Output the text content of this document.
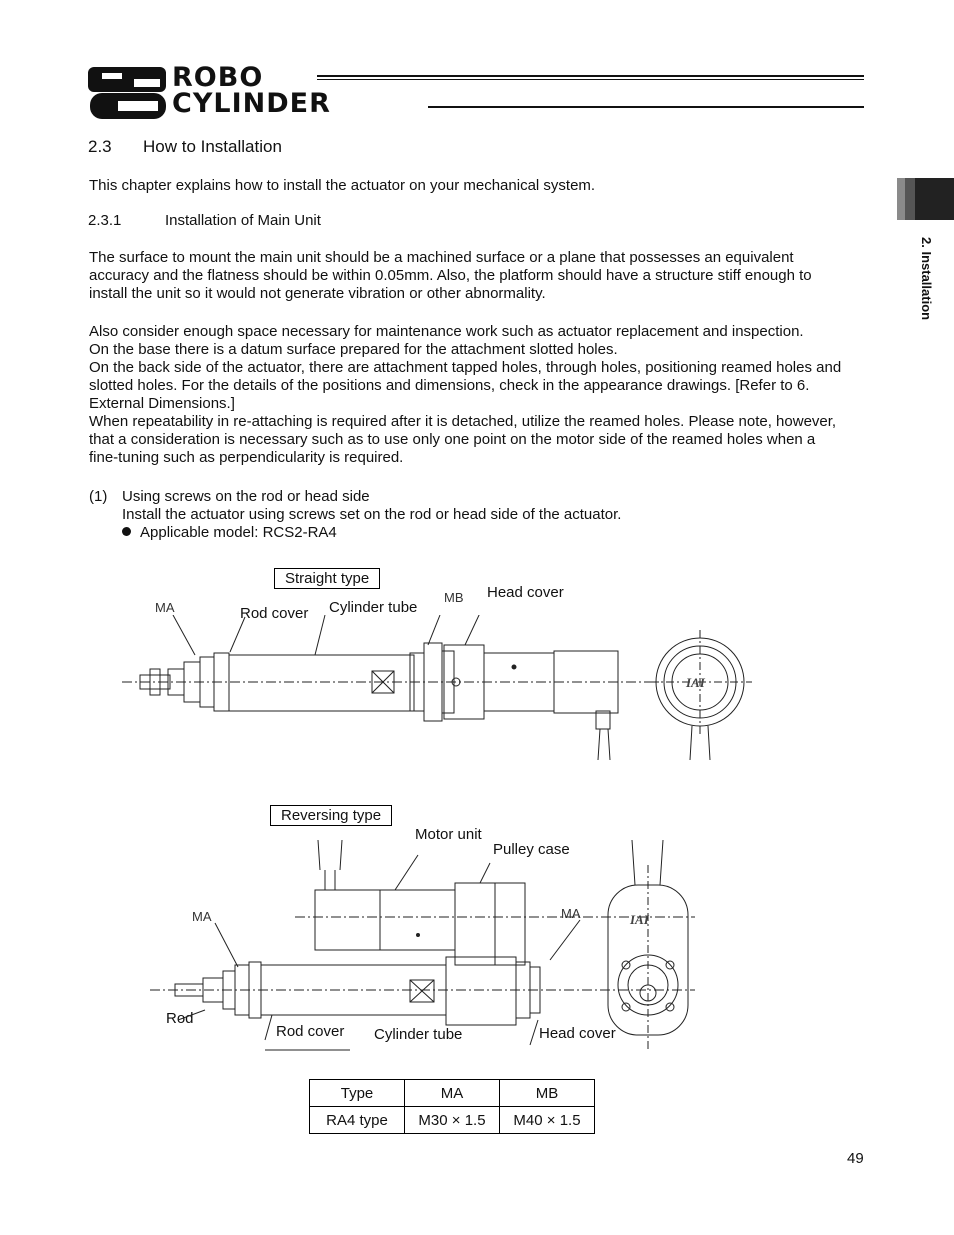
ROBO
CYLINDER
2. Installation
2.3 How to Installation
This chapter explains how to install the actuator on your mechanical system.
2.3.1	Installation of Main Unit
The surface to mount the main unit should be a machined surface or a plane that possesses an equivalent
accuracy and the flatness should be within 0.05mm. Also, the platform should have a structure stiff enough to
install the unit so it would not generate vibration or other abnormality.
Also consider enough space necessary for maintenance work such as actuator replacement and inspection.
On the base there is a datum surface prepared for the attachment slotted holes.
On the back side of the actuator, there are attachment tapped holes, through holes, positioning reamed holes and
slotted holes. For the details of the positions and dimensions, check in the appearance drawings. [Refer to 6.
External Dimensions.]
When repeatability in re-attaching is required after it is detached, utilize the reamed holes. Please note, however,
that a consideration is necessary such as to use only one point on the motor side of the reamed holes when a
fine-tuning such as perpendicularity is required.
(1) Using screws on the rod or head side
Install the actuator using screws set on the rod or head side of the actuator.
Applicable model: RCS2-RA4
Straight type
MA	Rod cover Cylinder tube
MB Head cover
IAI
Reversing type
Motor unit
Pulley case
MA	MA
Rod
Rod cover Cylinder tube	Head cover
IAI
Type	MA	MB
RA4 type	M30 × 1.5	M40 × 1.5
49
